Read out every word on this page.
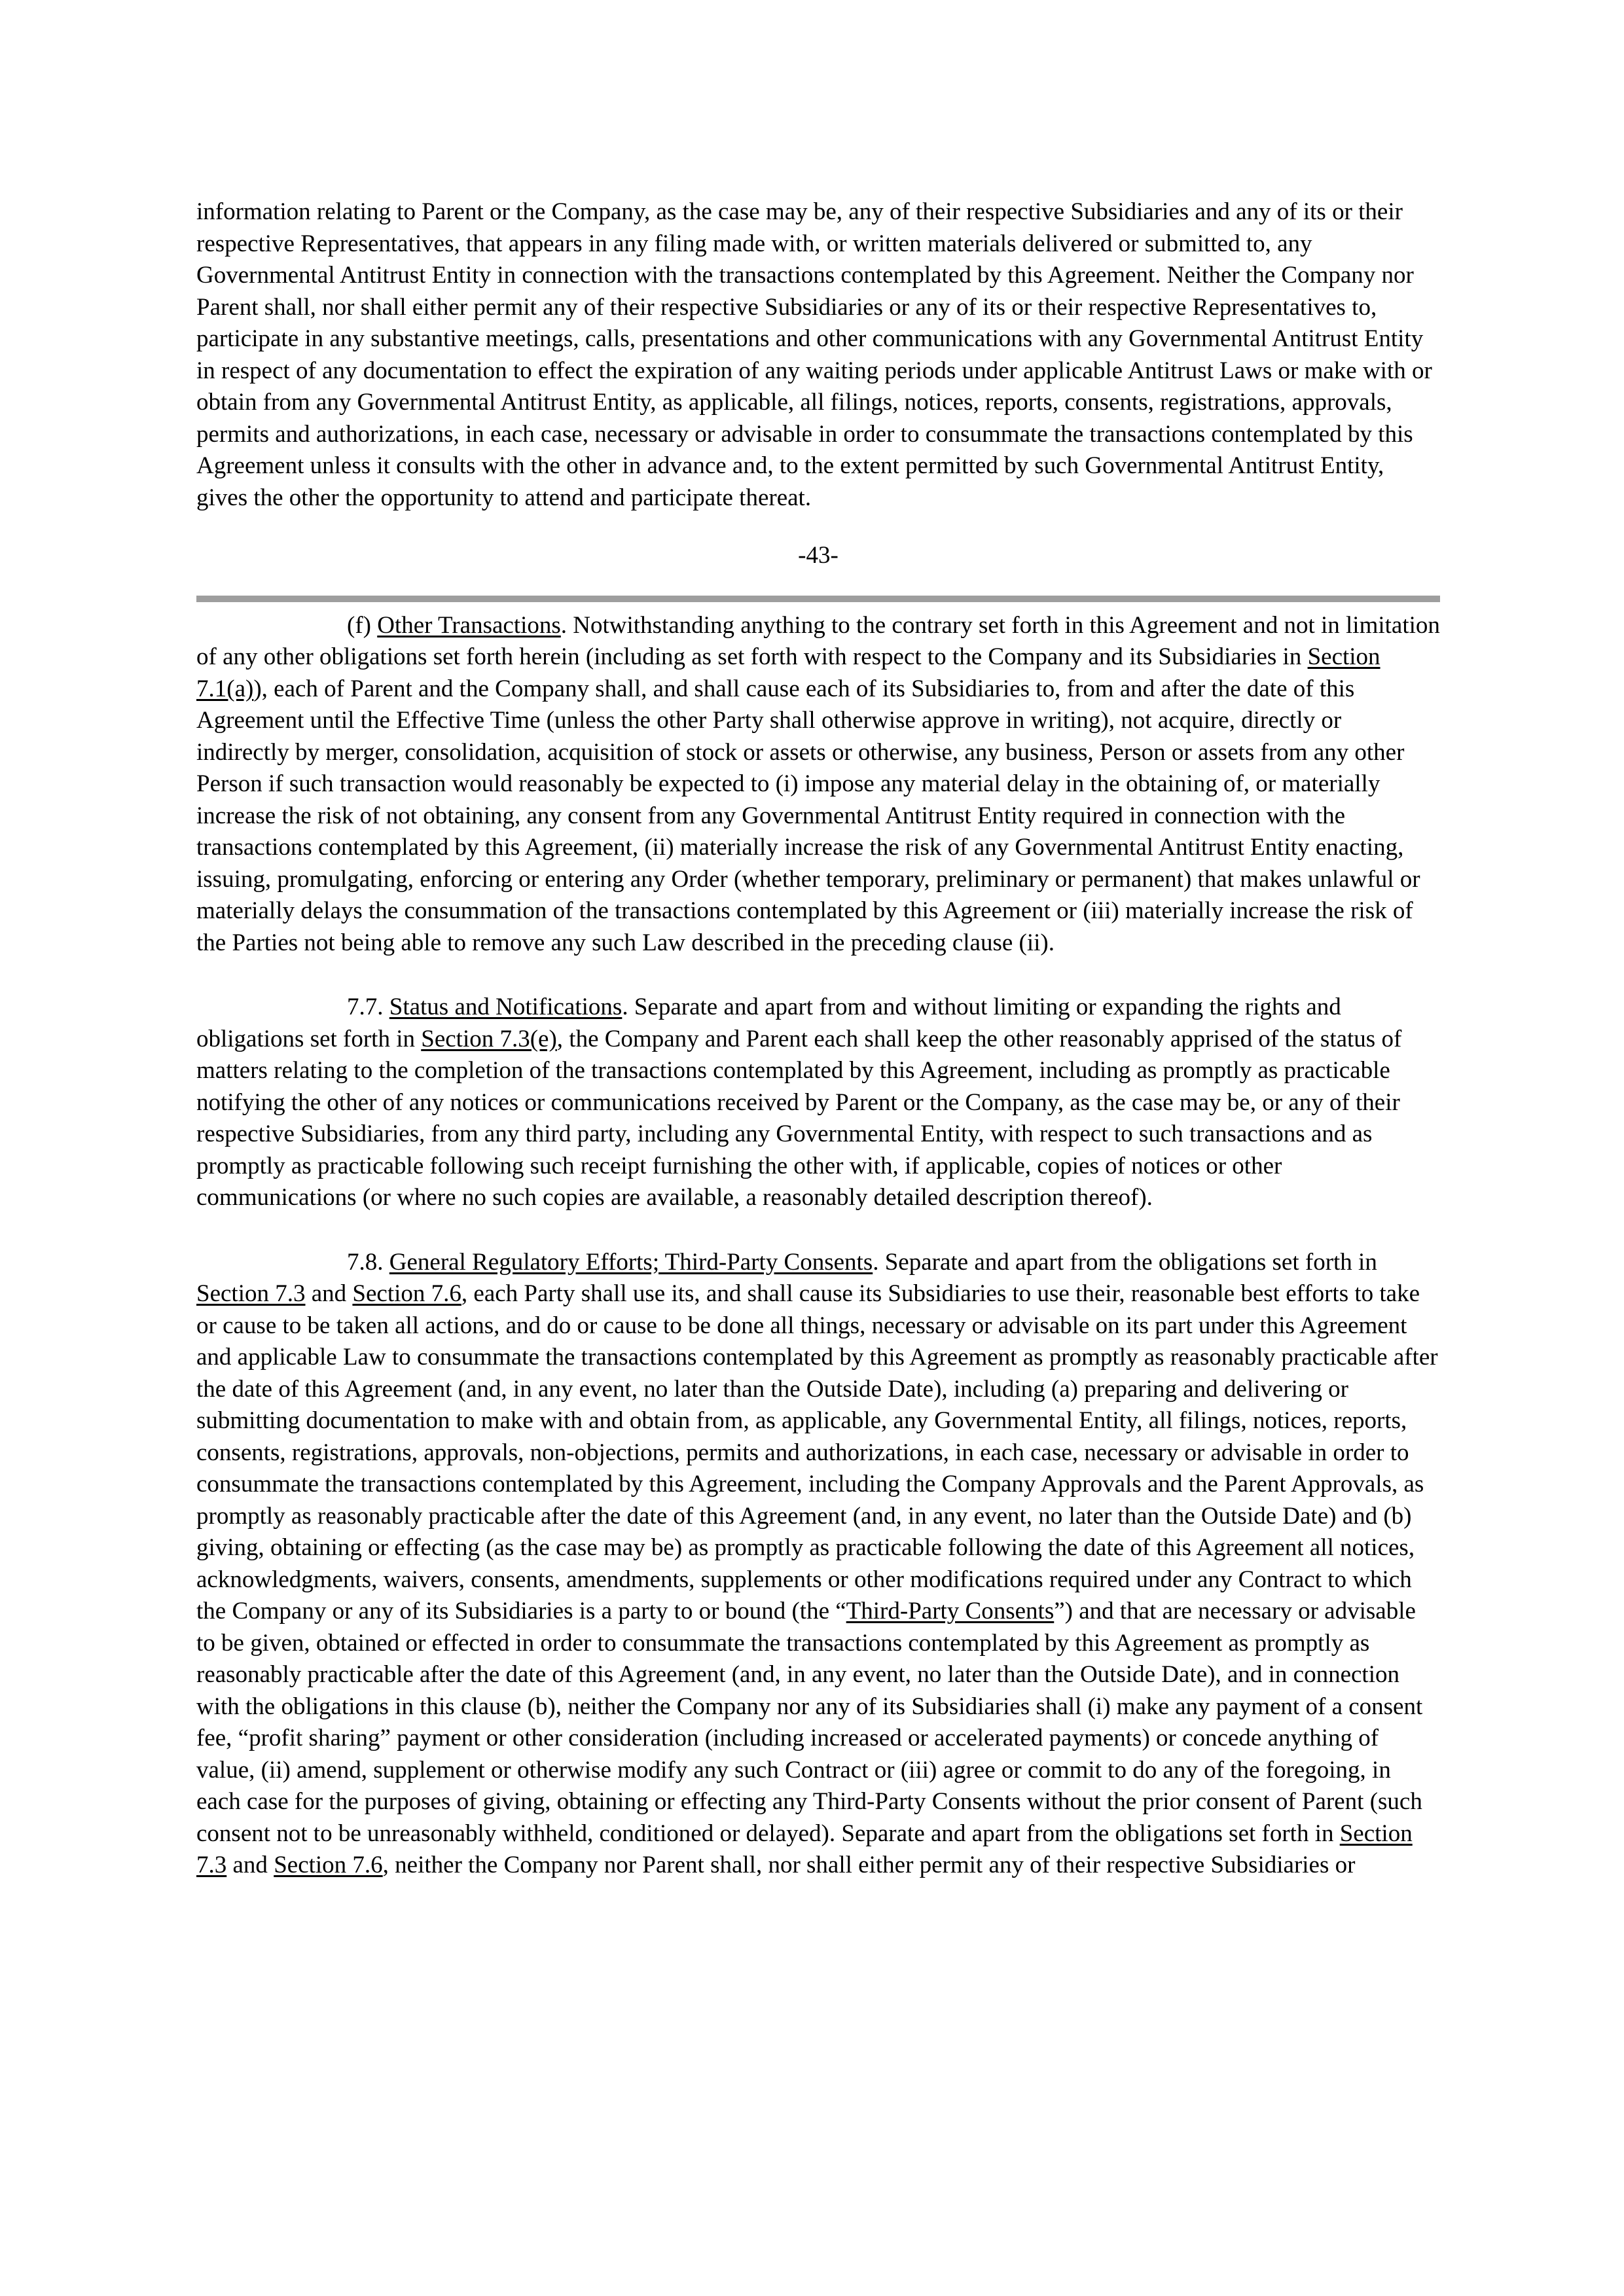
information relating to Parent or the Company, as the case may be, any of their respective Subsidiaries and any of its or their respective Representatives, that appears in any filing made with, or written materials delivered or submitted to, any Governmental Antitrust Entity in connection with the transactions contemplated by this Agreement. Neither the Company nor Parent shall, nor shall either permit any of their respective Subsidiaries or any of its or their respective Representatives to, participate in any substantive meetings, calls, presentations and other communications with any Governmental Antitrust Entity in respect of any documentation to effect the expiration of any waiting periods under applicable Antitrust Laws or make with or obtain from any Governmental Antitrust Entity, as applicable, all filings, notices, reports, consents, registrations, approvals, permits and authorizations, in each case, necessary or advisable in order to consummate the transactions contemplated by this Agreement unless it consults with the other in advance and, to the extent permitted by such Governmental Antitrust Entity, gives the other the opportunity to attend and participate thereat.

-43-

(f) Other Transactions. Notwithstanding anything to the contrary set forth in this Agreement and not in limitation of any other obligations set forth herein (including as set forth with respect to the Company and its Subsidiaries in Section 7.1(a)), each of Parent and the Company shall, and shall cause each of its Subsidiaries to, from and after the date of this Agreement until the Effective Time (unless the other Party shall otherwise approve in writing), not acquire, directly or indirectly by merger, consolidation, acquisition of stock or assets or otherwise, any business, Person or assets from any other Person if such transaction would reasonably be expected to (i) impose any material delay in the obtaining of, or materially increase the risk of not obtaining, any consent from any Governmental Antitrust Entity required in connection with the transactions contemplated by this Agreement, (ii) materially increase the risk of any Governmental Antitrust Entity enacting, issuing, promulgating, enforcing or entering any Order (whether temporary, preliminary or permanent) that makes unlawful or materially delays the consummation of the transactions contemplated by this Agreement or (iii) materially increase the risk of the Parties not being able to remove any such Law described in the preceding clause (ii).

7.7. Status and Notifications. Separate and apart from and without limiting or expanding the rights and obligations set forth in Section 7.3(e), the Company and Parent each shall keep the other reasonably apprised of the status of matters relating to the completion of the transactions contemplated by this Agreement, including as promptly as practicable notifying the other of any notices or communications received by Parent or the Company, as the case may be, or any of their respective Subsidiaries, from any third party, including any Governmental Entity, with respect to such transactions and as promptly as practicable following such receipt furnishing the other with, if applicable, copies of notices or other communications (or where no such copies are available, a reasonably detailed description thereof).

7.8. General Regulatory Efforts; Third-Party Consents. Separate and apart from the obligations set forth in Section 7.3 and Section 7.6, each Party shall use its, and shall cause its Subsidiaries to use their, reasonable best efforts to take or cause to be taken all actions, and do or cause to be done all things, necessary or advisable on its part under this Agreement and applicable Law to consummate the transactions contemplated by this Agreement as promptly as reasonably practicable after the date of this Agreement (and, in any event, no later than the Outside Date), including (a) preparing and delivering or submitting documentation to make with and obtain from, as applicable, any Governmental Entity, all filings, notices, reports, consents, registrations, approvals, non-objections, permits and authorizations, in each case, necessary or advisable in order to consummate the transactions contemplated by this Agreement, including the Company Approvals and the Parent Approvals, as promptly as reasonably practicable after the date of this Agreement (and, in any event, no later than the Outside Date) and (b) giving, obtaining or effecting (as the case may be) as promptly as practicable following the date of this Agreement all notices, acknowledgments, waivers, consents, amendments, supplements or other modifications required under any Contract to which the Company or any of its Subsidiaries is a party to or bound (the “Third-Party Consents”) and that are necessary or advisable to be given, obtained or effected in order to consummate the transactions contemplated by this Agreement as promptly as reasonably practicable after the date of this Agreement (and, in any event, no later than the Outside Date), and in connection with the obligations in this clause (b), neither the Company nor any of its Subsidiaries shall (i) make any payment of a consent fee, “profit sharing” payment or other consideration (including increased or accelerated payments) or concede anything of value, (ii) amend, supplement or otherwise modify any such Contract or (iii) agree or commit to do any of the foregoing, in each case for the purposes of giving, obtaining or effecting any Third-Party Consents without the prior consent of Parent (such consent not to be unreasonably withheld, conditioned or delayed). Separate and apart from the obligations set forth in Section 7.3 and Section 7.6, neither the Company nor Parent shall, nor shall either permit any of their respective Subsidiaries or
